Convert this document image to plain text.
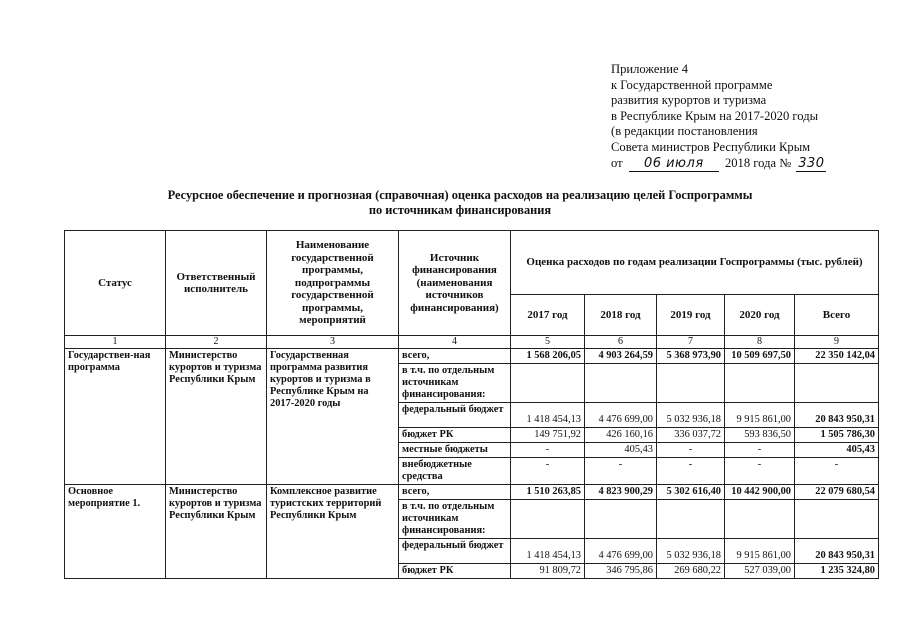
Приложение 4
к Государственной программе
развития курортов и туризма
в Республике Крым на 2017-2020 годы
(в редакции постановления
Совета министров Республики Крым
от 06 июля 2018 года № 330
Ресурсное обеспечение и прогнозная (справочная) оценка расходов на реализацию целей Госпрограммы
по источникам финансирования
Статус	Ответственный исполнитель	Наименование государственной программы, подпрограммы государственной программы, мероприятий	Источник финансирования (наименования источников финансирования)	Оценка расходов по годам реализации Госпрограммы (тыс. рублей)				
				2017 год	2018 год	2019 год	2020 год	Всего
1	2	3	4	5	6	7	8	9
Государствен-ная программа	Министерство курортов и туризма Республики Крым	Государственная программа развития курортов и туризма в Республике Крым на 2017-2020 годы	всего,	1 568 206,05	4 903 264,59	5 368 973,90	10 509 697,50	22 350 142,04
			в т.ч. по отдельным источникам финансирования:					
			федеральный бюджет	1 418 454,13	4 476 699,00	5 032 936,18	9 915 861,00	20 843 950,31
			бюджет РК	149 751,92	426 160,16	336 037,72	593 836,50	1 505 786,30
			местные бюджеты	-	405,43	-	-	405,43
			внебюджетные средства	-	-	-	-	-
Основное мероприятие 1.	Министерство курортов и туризма Республики Крым	Комплексное развитие туристских территорий Республики Крым	всего,	1 510 263,85	4 823 900,29	5 302 616,40	10 442 900,00	22 079 680,54
			в т.ч. по отдельным источникам финансирования:					
			федеральный бюджет	1 418 454,13	4 476 699,00	5 032 936,18	9 915 861,00	20 843 950,31
			бюджет РК	91 809,72	346 795,86	269 680,22	527 039,00	1 235 324,80
